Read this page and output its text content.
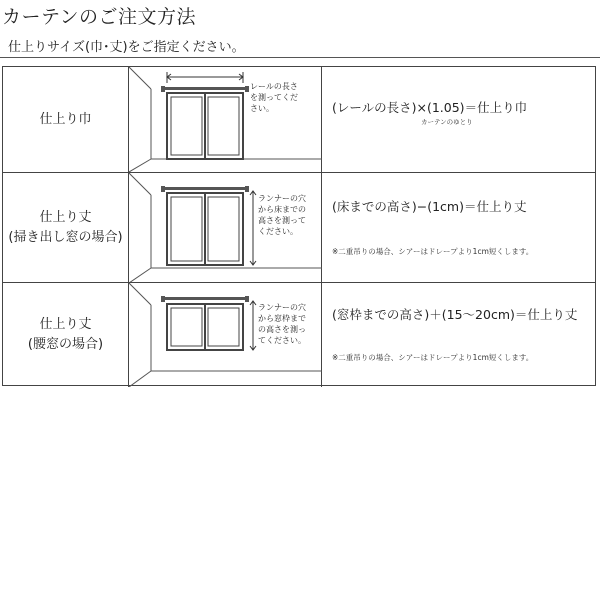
カーテンのご注文方法
仕上りサイズ(巾･丈)をご指定ください。
仕上り巾
レールの長さ
を測ってくだ
さい。	(レールの長さ)×(1.05)＝仕上り巾
カーテンのゆとり
仕上り丈
(掃き出し窓の場合)
ランナーの穴
から床までの
高さを測って
ください。
(床までの高さ)−(1cm)＝仕上り丈
※二重吊りの場合、シアーはドレープより1cm短くします。
仕上り丈
(腰窓の場合)
ランナーの穴
から窓枠まで
の高さを測っ
てください。
(窓枠までの高さ)＋(15〜20cm)＝仕上り丈
※二重吊りの場合、シアーはドレープより1cm短くします。
